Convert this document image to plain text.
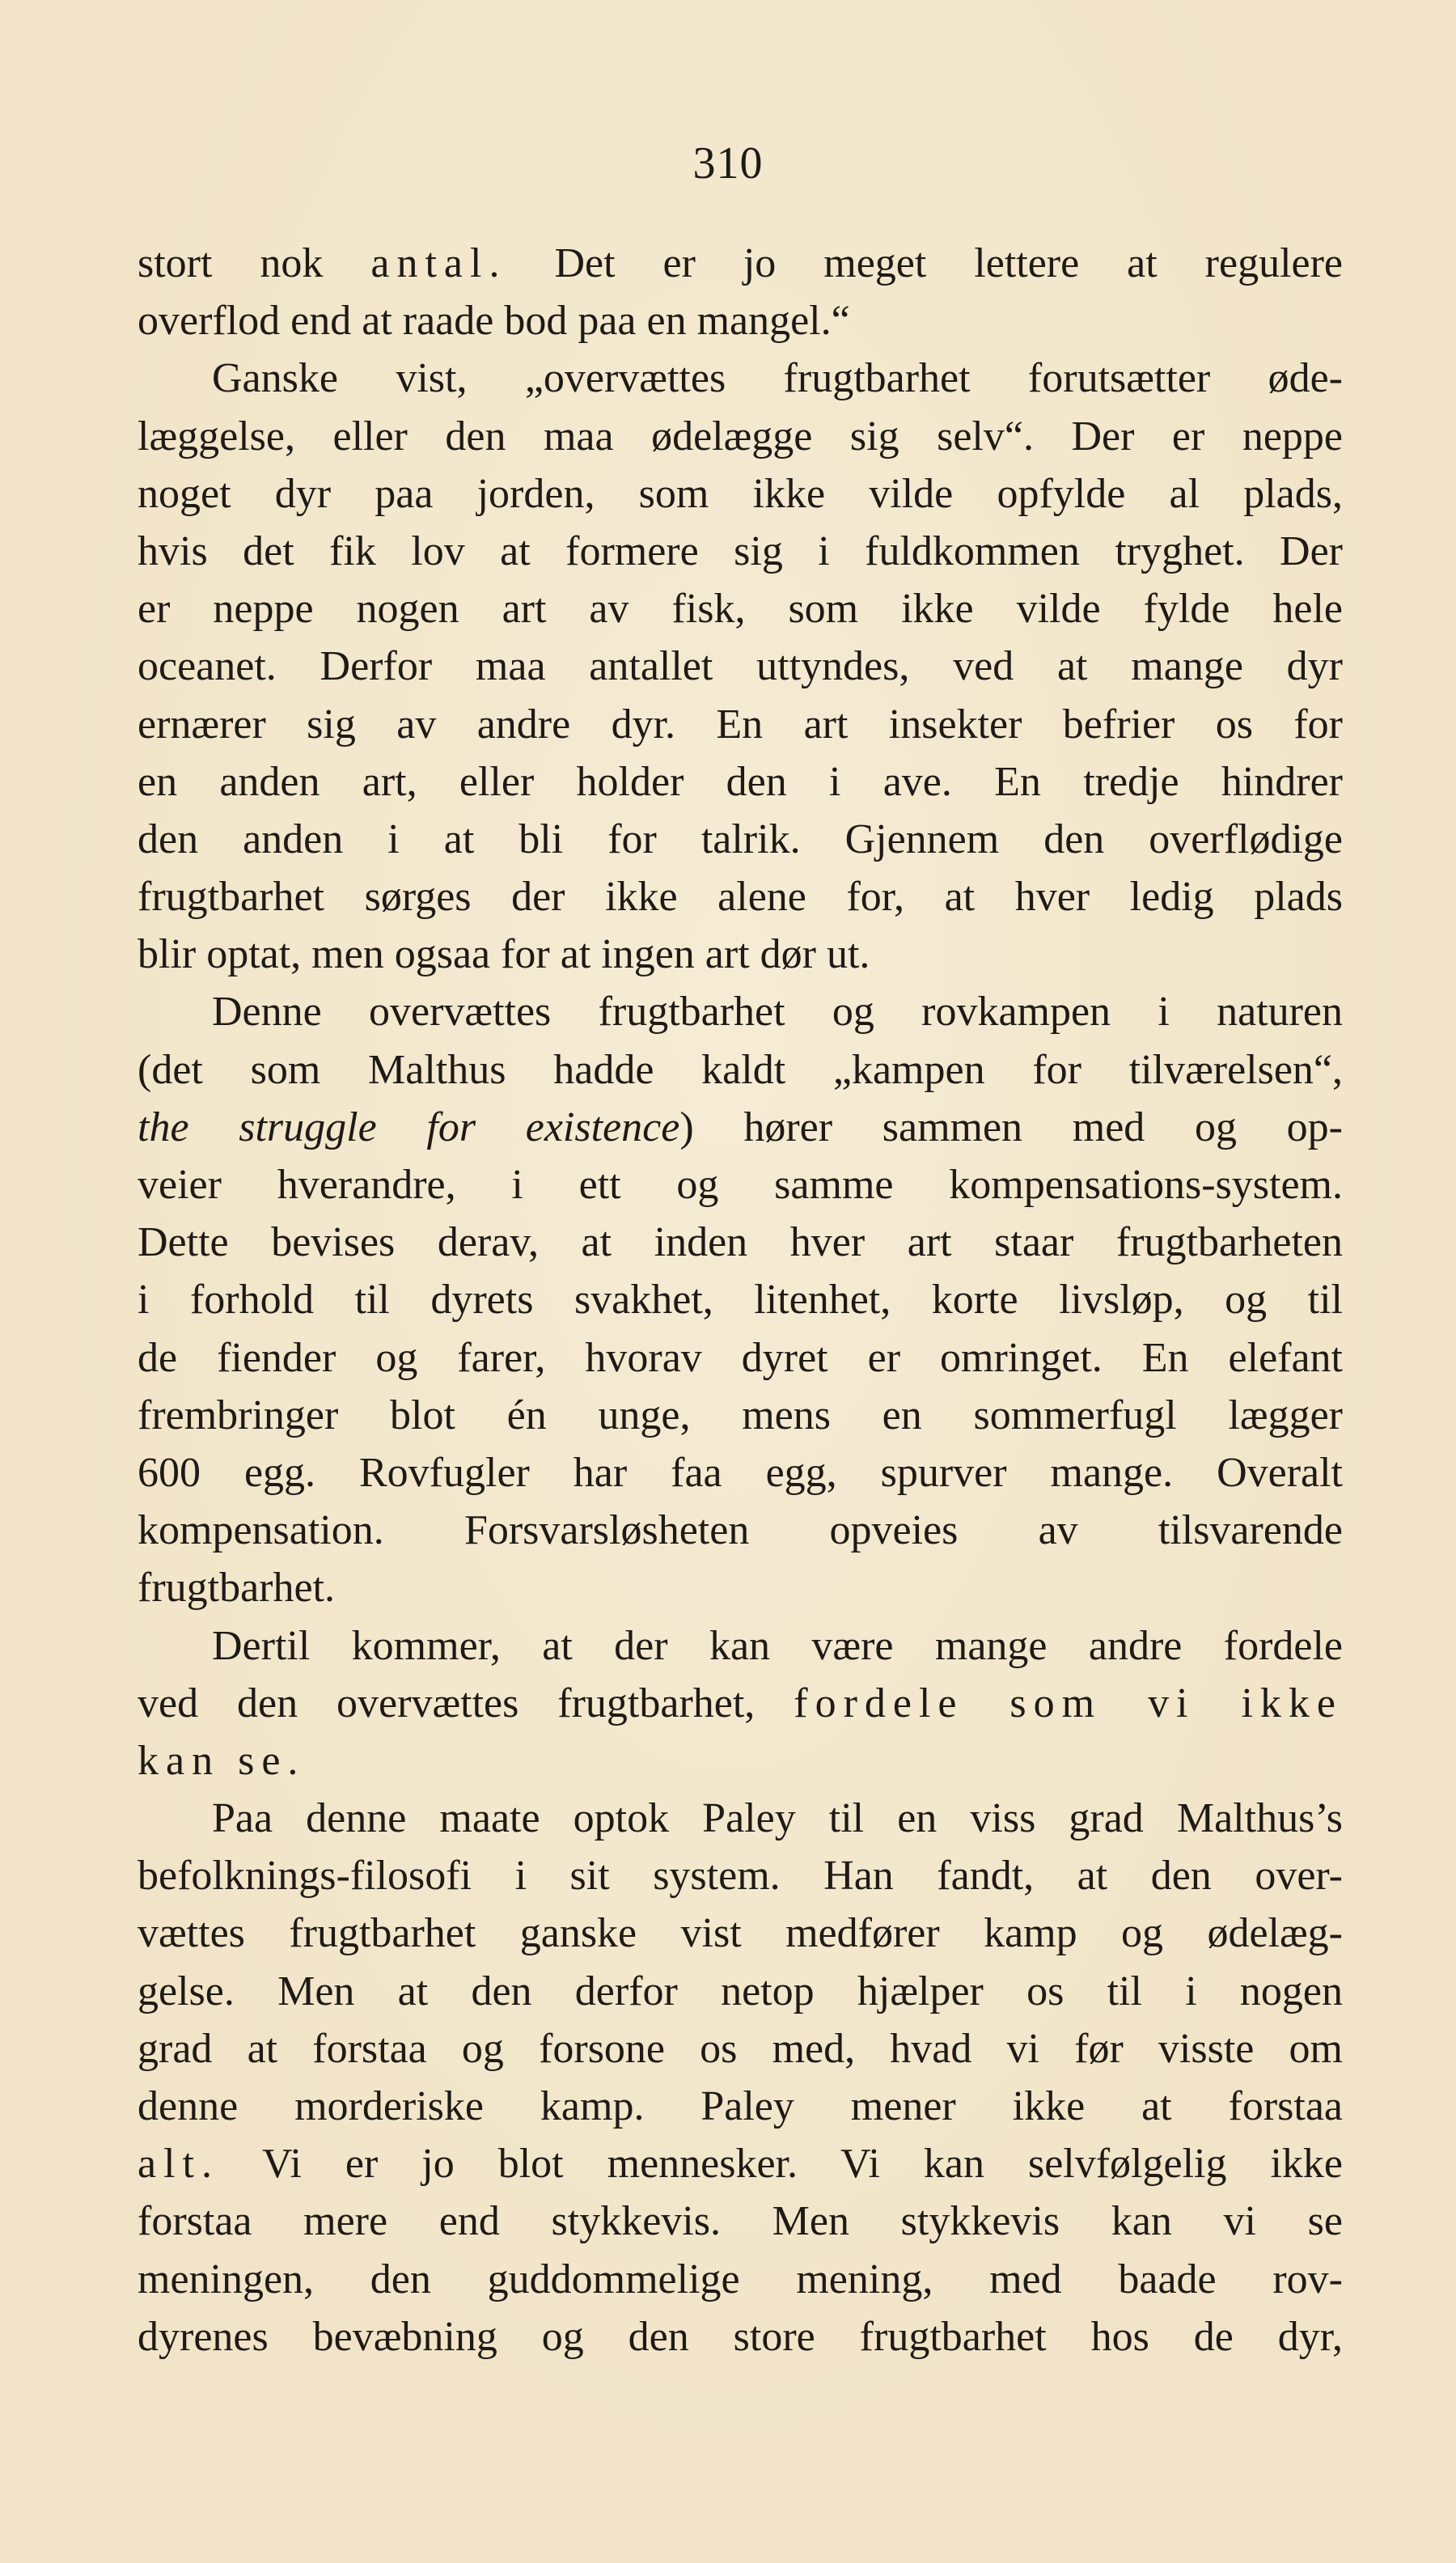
310
stort nok antal. Det er jo meget lettere at regulere
overflod end at raade bod paa en mangel.“
Ganske vist, „overvættes frugtbarhet forutsætter øde-
læggelse, eller den maa ødelægge sig selv“. Der er neppe
noget dyr paa jorden, som ikke vilde opfylde al plads,
hvis det fik lov at formere sig i fuldkommen tryghet. Der
er neppe nogen art av fisk, som ikke vilde fylde hele
oceanet. Derfor maa antallet uttyndes, ved at mange dyr
ernærer sig av andre dyr. En art insekter befrier os for
en anden art, eller holder den i ave. En tredje hindrer
den anden i at bli for talrik. Gjennem den overflødige
frugtbarhet sørges der ikke alene for, at hver ledig plads
blir optat, men ogsaa for at ingen art dør ut.
Denne overvættes frugtbarhet og rovkampen i naturen
(det som Malthus hadde kaldt „kampen for tilværelsen“,
the struggle for existence) hører sammen med og op-
veier hverandre, i ett og samme kompensations-system.
Dette bevises derav, at inden hver art staar frugtbarheten
i forhold til dyrets svakhet, litenhet, korte livsløp, og til
de fiender og farer, hvorav dyret er omringet. En elefant
frembringer blot én unge, mens en sommerfugl lægger
600 egg. Rovfugler har faa egg, spurver mange. Overalt
kompensation. Forsvarsløsheten opveies av tilsvarende
frugtbarhet.
Dertil kommer, at der kan være mange andre fordele
ved den overvættes frugtbarhet, fordele som vi ikke
kan se.
Paa denne maate optok Paley til en viss grad Malthus’s
befolknings-filosofi i sit system. Han fandt, at den over-
vættes frugtbarhet ganske vist medfører kamp og ødelæg-
gelse. Men at den derfor netop hjælper os til i nogen
grad at forstaa og forsone os med, hvad vi før visste om
denne morderiske kamp. Paley mener ikke at forstaa
alt. Vi er jo blot mennesker. Vi kan selvfølgelig ikke
forstaa mere end stykkevis. Men stykkevis kan vi se
meningen, den guddommelige mening, med baade rov-
dyrenes bevæbning og den store frugtbarhet hos de dyr,
